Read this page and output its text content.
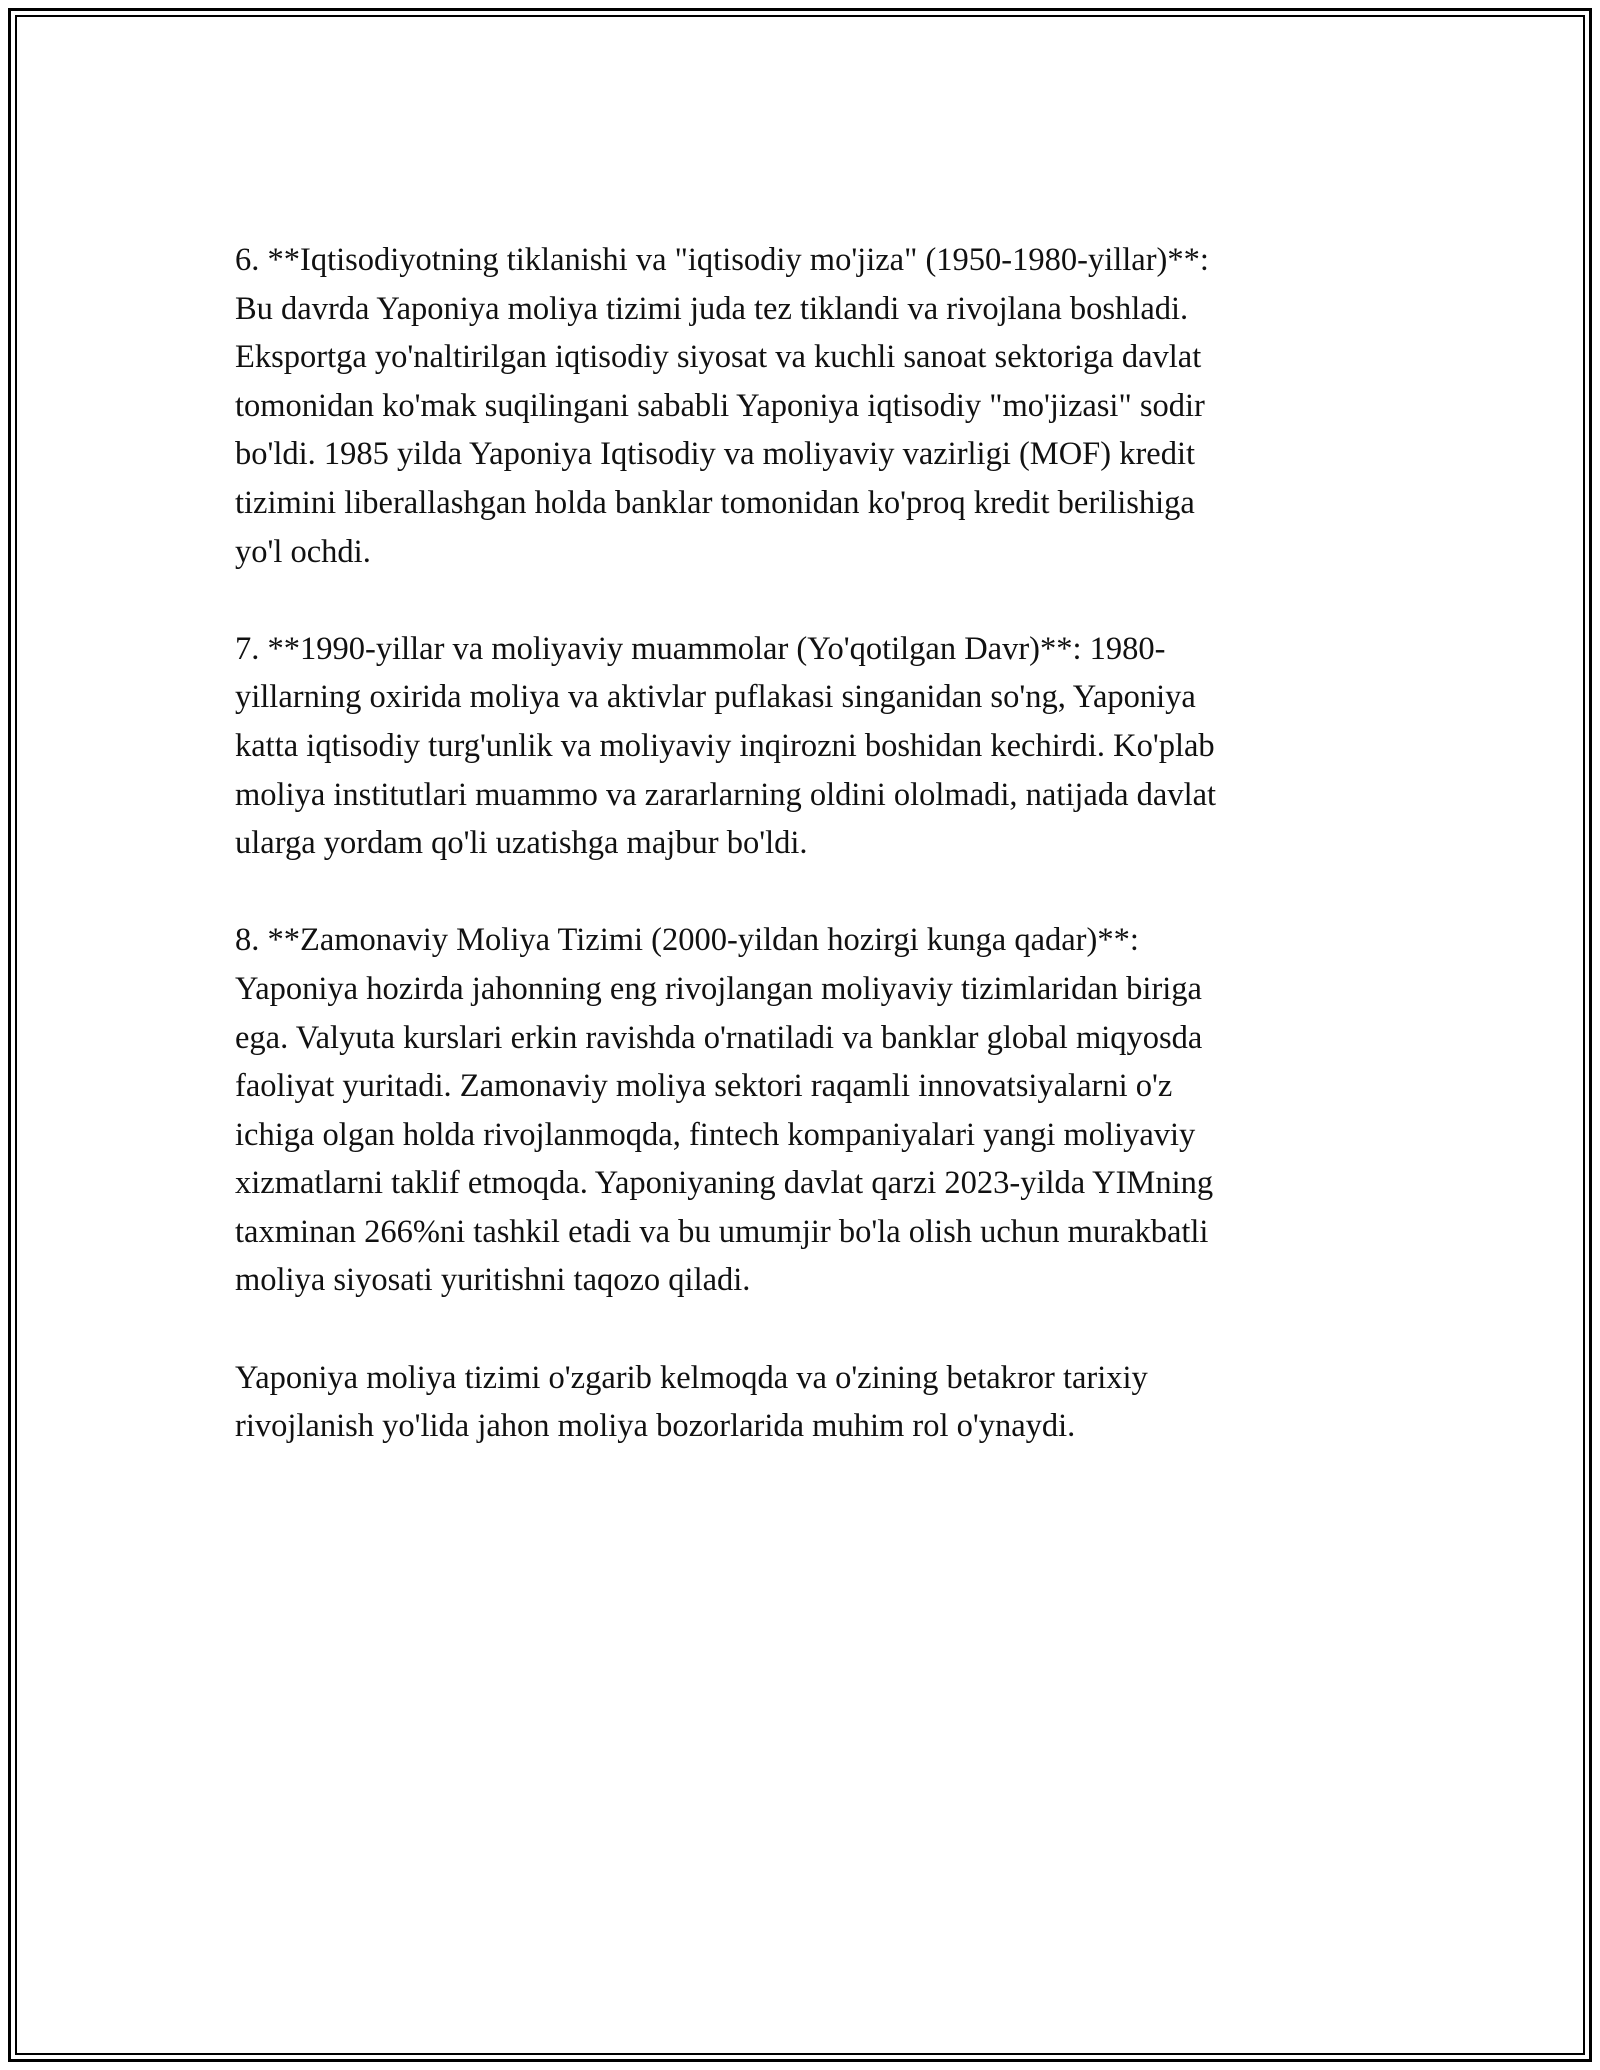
6. **Iqtisodiyotning tiklanishi va "iqtisodiy mo'jiza" (1950-1980-yillar)**:
Bu davrda Yaponiya moliya tizimi juda tez tiklandi va rivojlana boshladi.
Eksportga yo'naltirilgan iqtisodiy siyosat va kuchli sanoat sektoriga davlat
tomonidan ko'mak suqilingani sababli Yaponiya iqtisodiy "mo'jizasi" sodir
bo'ldi. 1985 yilda Yaponiya Iqtisodiy va moliyaviy vazirligi (MOF) kredit
tizimini liberallashgan holda banklar tomonidan ko'proq kredit berilishiga
yo'l ochdi.

7. **1990-yillar va moliyaviy muammolar (Yo'qotilgan Davr)**: 1980-
yillarning oxirida moliya va aktivlar puflakasi singanidan so'ng, Yaponiya
katta iqtisodiy turg'unlik va moliyaviy inqirozni boshidan kechirdi. Ko'plab
moliya institutlari muammo va zararlarning oldini ololmadi, natijada davlat
ularga yordam qo'li uzatishga majbur bo'ldi.

8. **Zamonaviy Moliya Tizimi (2000-yildan hozirgi kunga qadar)**:
Yaponiya hozirda jahonning eng rivojlangan moliyaviy tizimlaridan biriga
ega. Valyuta kurslari erkin ravishda o'rnatiladi va banklar global miqyosda
faoliyat yuritadi. Zamonaviy moliya sektori raqamli innovatsiyalarni o'z
ichiga olgan holda rivojlanmoqda, fintech kompaniyalari yangi moliyaviy
xizmatlarni taklif etmoqda. Yaponiyaning davlat qarzi 2023-yilda YIMning
taxminan 266%ni tashkil etadi va bu umumjir bo'la olish uchun murakbatli
moliya siyosati yuritishni taqozo qiladi.

Yaponiya moliya tizimi o'zgarib kelmoqda va o'zining betakror tarixiy
rivojlanish yo'lida jahon moliya bozorlarida muhim rol o'ynaydi.
